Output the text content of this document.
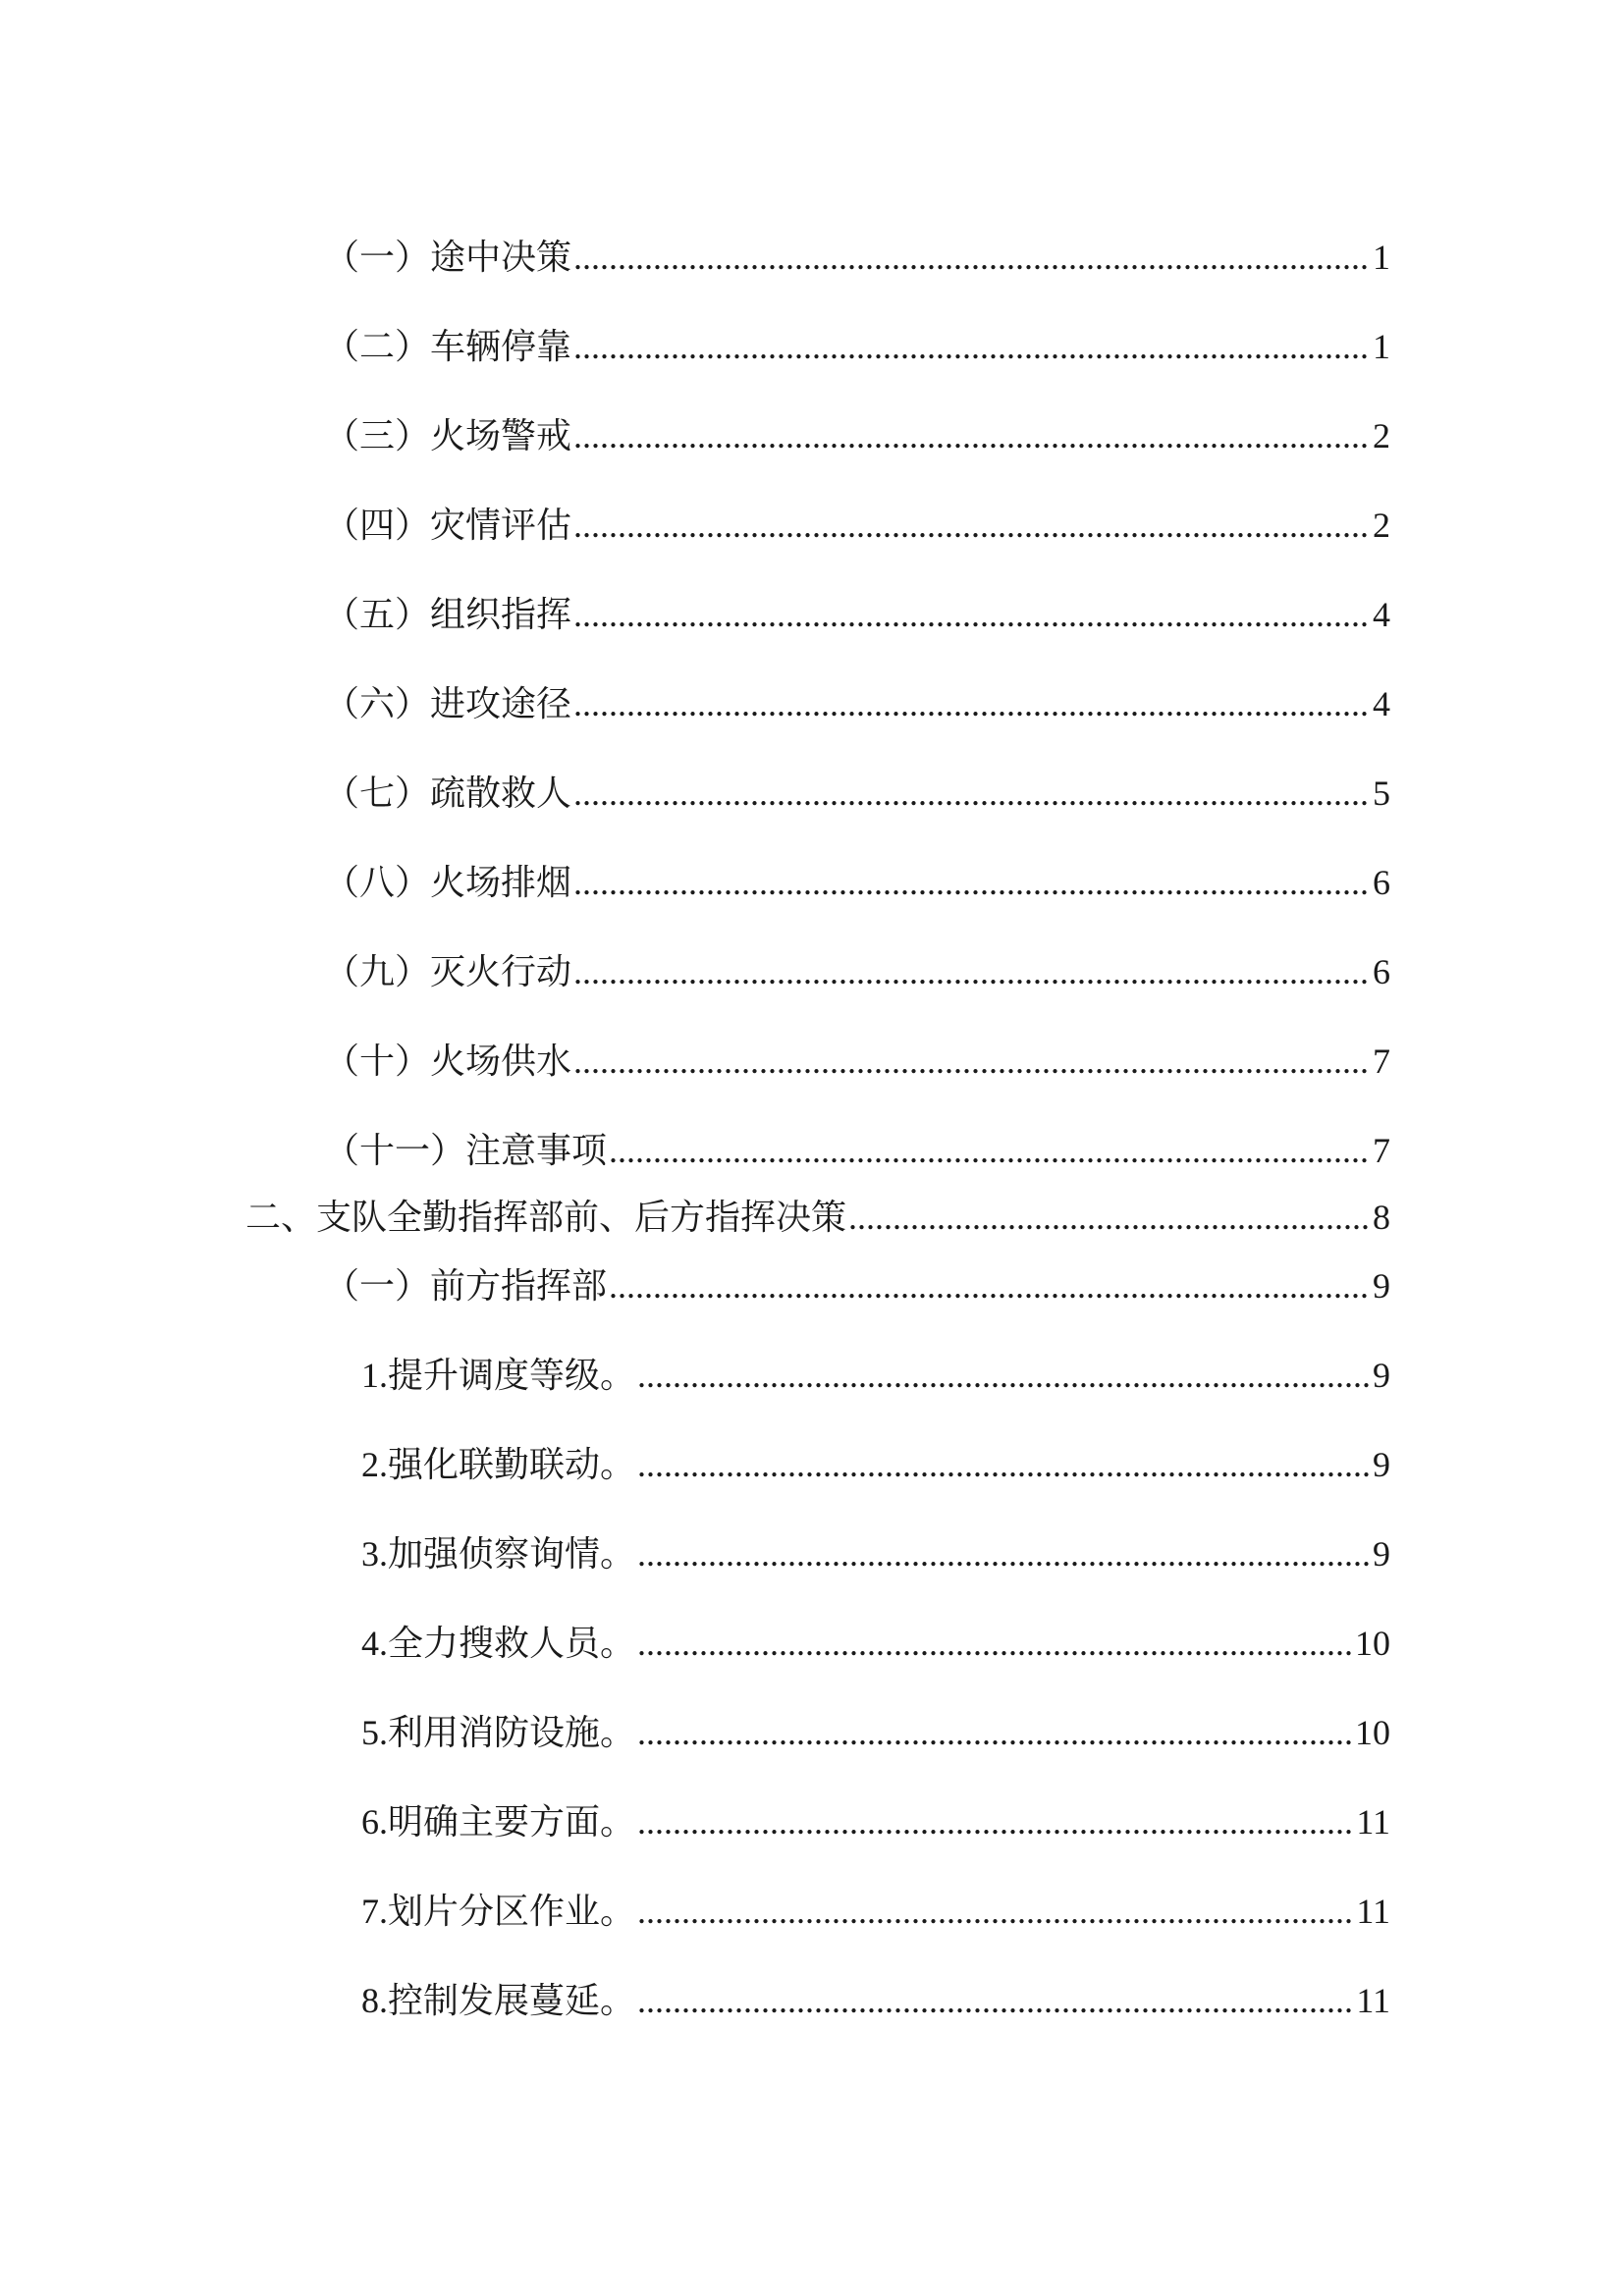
（一）途中决策 .....	1
（二）车辆停靠 .....	1
（三）火场警戒 .....	2
（四）灾情评估 .....	2
（五）组织指挥 .....	4
（六）进攻途径 .....	4
（七）疏散救人 .....	5
（八）火场排烟 .....	6
（九）灭火行动 .....	6
（十）火场供水 .....	7
（十一）注意事项 .....	7
二、支队全勤指挥部前、后方指挥决策 .....	8
（一）前方指挥部 .....	9
1.提升调度等级。 .....	9
2.强化联勤联动。 .....	9
3.加强侦察询情。 .....	9
4.全力搜救人员。 .....	10
5.利用消防设施。 .....	10
6.明确主要方面。 .....	11
7.划片分区作业。 .....	11
8.控制发展蔓延。 .....	11
